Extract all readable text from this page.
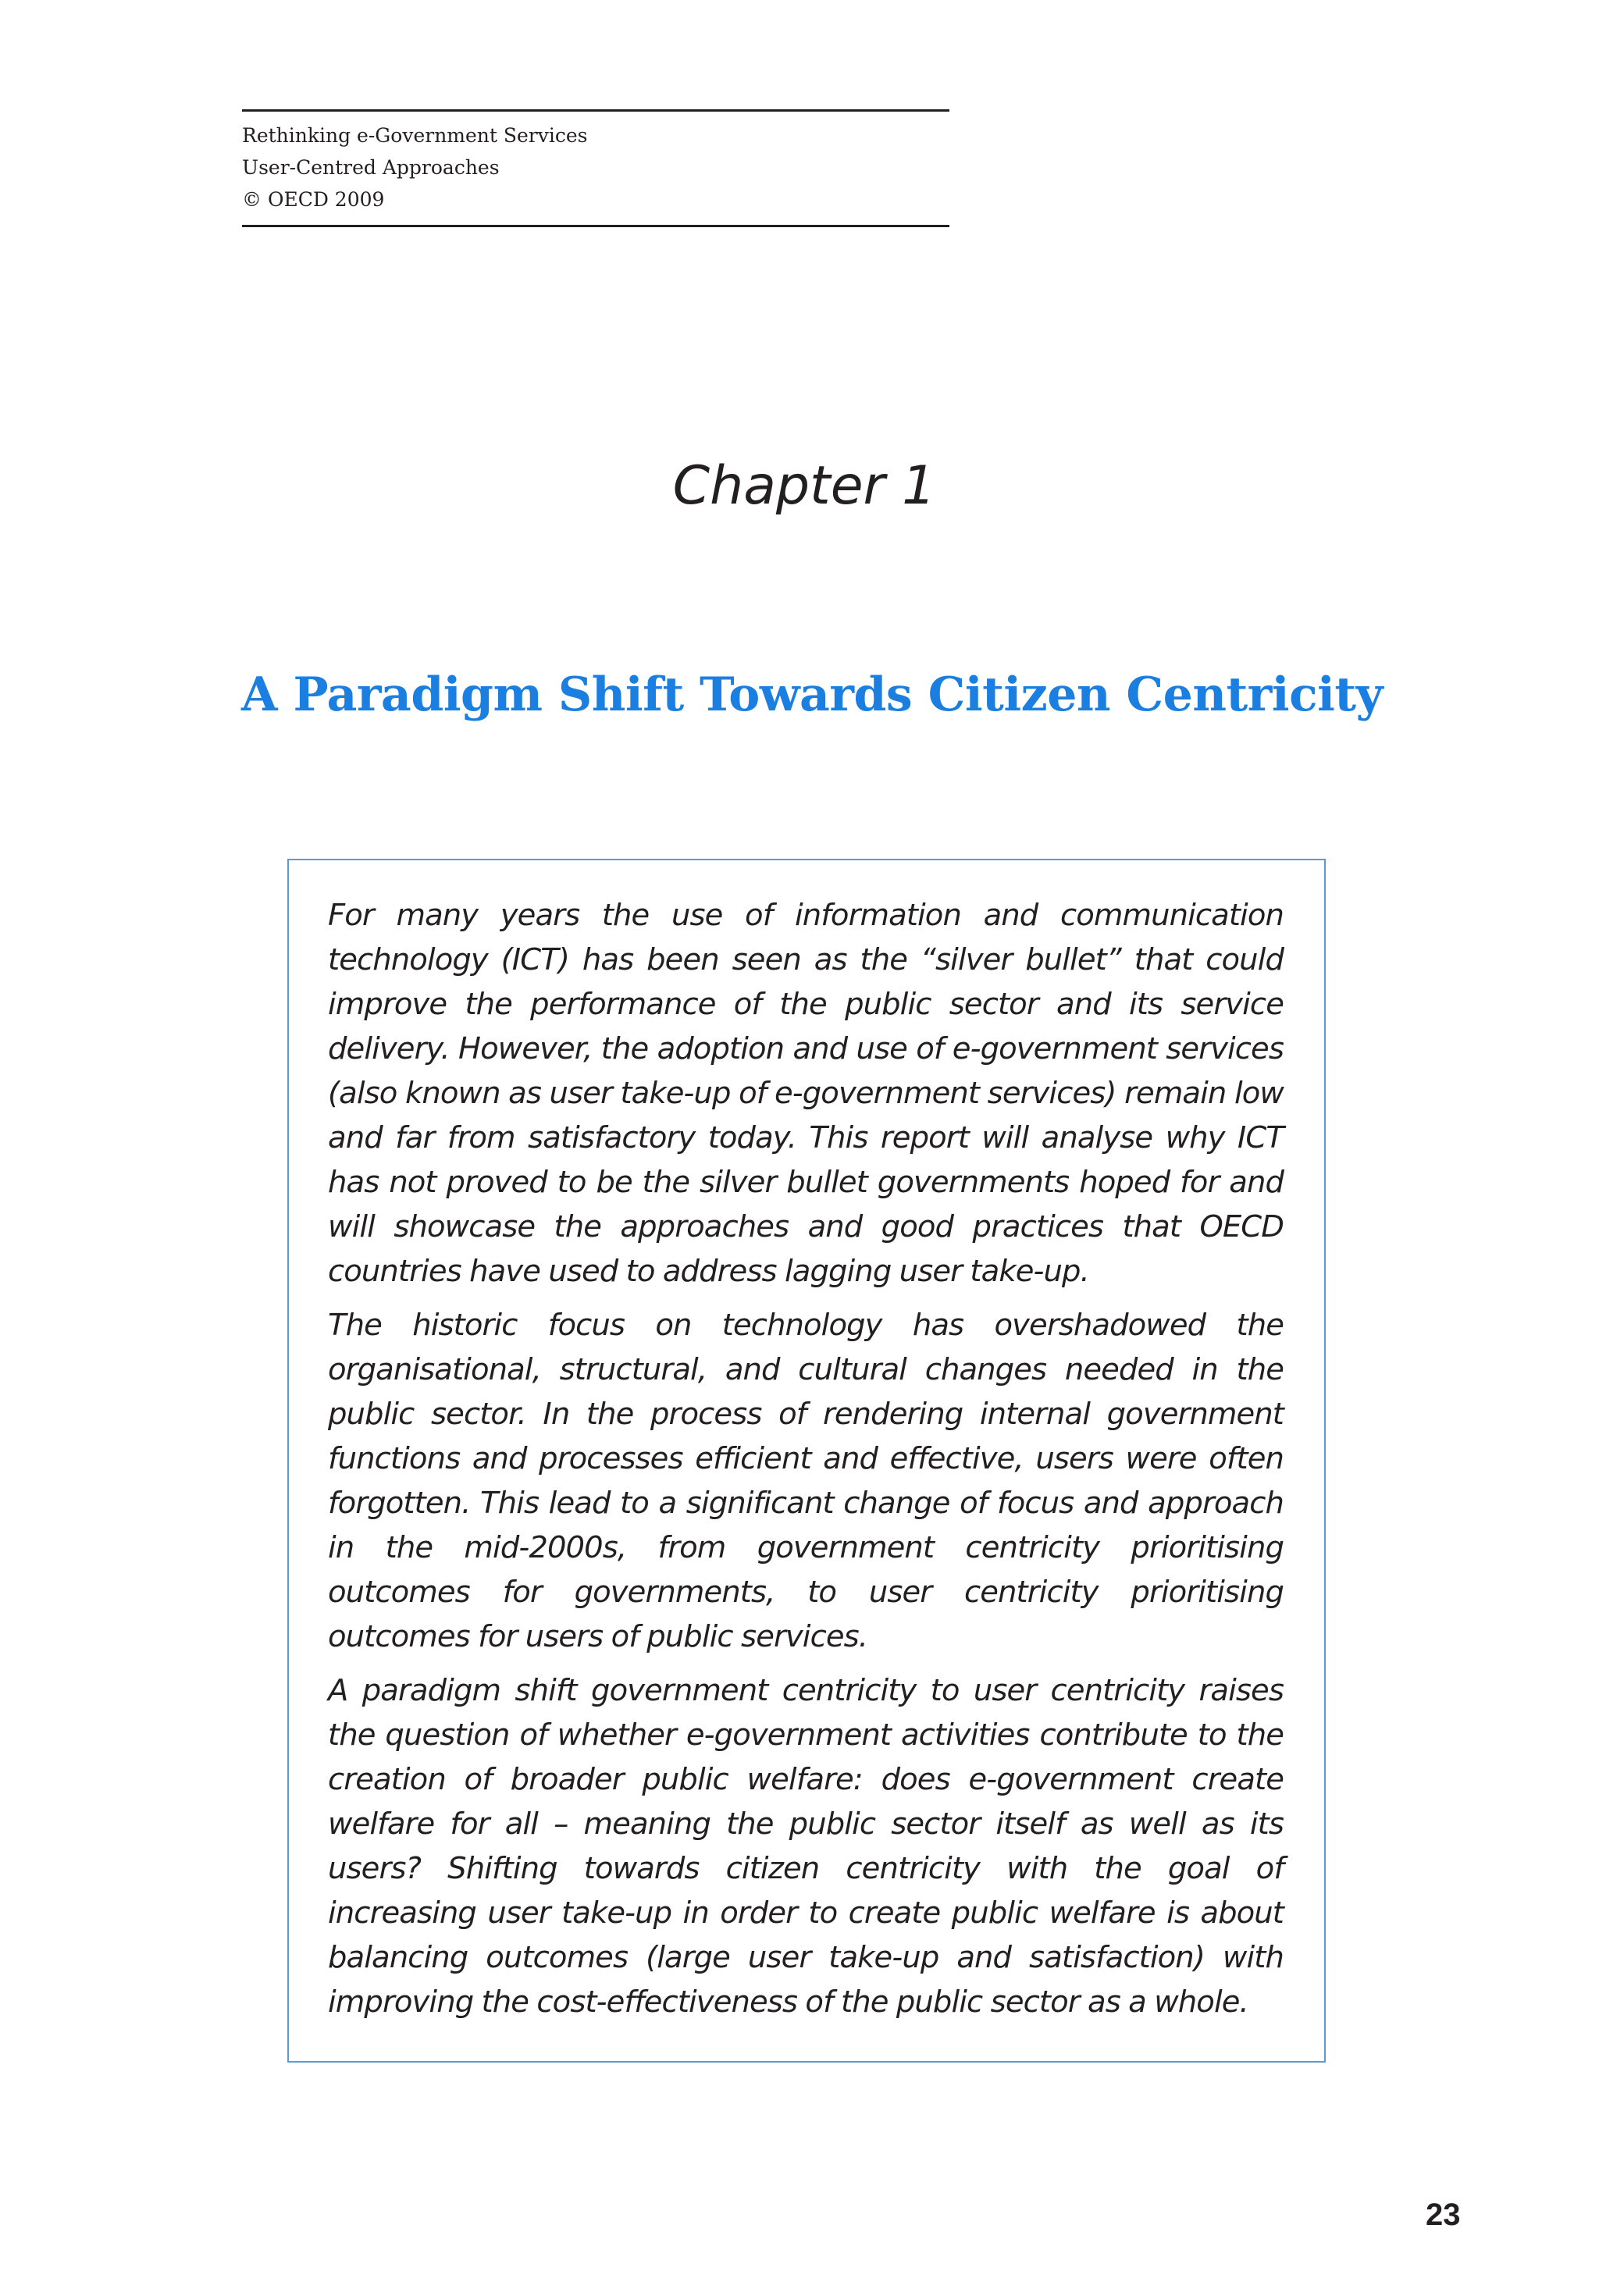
Rethinking e-Government Services
User-Centred Approaches
© OECD 2009
Chapter 1
A Paradigm Shift Towards Citizen Centricity

For many years the use of information and communication technology (ICT) has been seen as the “silver bullet” that could improve the performance of the public sector and its service delivery. However, the adoption and use of e-government services (also known as user take-up of e-government services) remain low and far from satisfactory today. This report will analyse why ICT has not proved to be the silver bullet governments hoped for and will showcase the approaches and good practices that OECD countries have used to address lagging user take-up.

The historic focus on technology has overshadowed the organisational, structural, and cultural changes needed in the public sector. In the process of rendering internal government functions and processes efficient and effective, users were often forgotten. This lead to a significant change of focus and approach in the mid-2000s, from government centricity prioritising outcomes for governments, to user centricity prioritising outcomes for users of public services.

A paradigm shift government centricity to user centricity raises the question of whether e-government activities contribute to the creation of broader public welfare: does e-government create welfare for all – meaning the public sector itself as well as its users? Shifting towards citizen centricity with the goal of increasing user take-up in order to create public welfare is about balancing outcomes (large user take-up and satisfaction) with improving the cost-effectiveness of the public sector as a whole.

23
